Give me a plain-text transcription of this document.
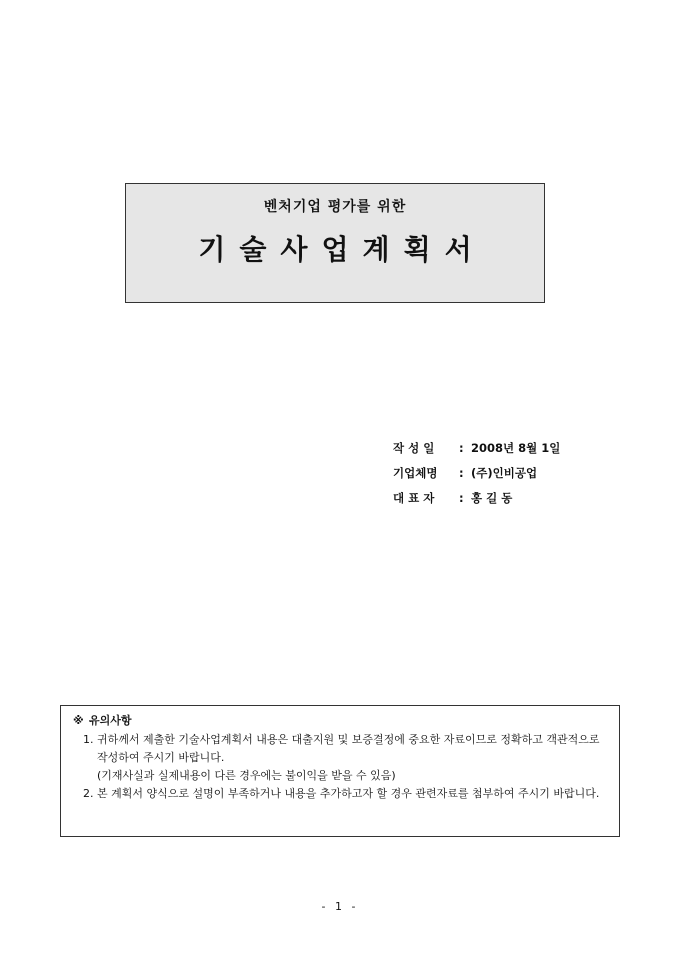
벤처기업 평가를 위한
기술사업계획서
작 성 일 : 2008년 8월 1일
기업체명 : (주)인비공업
대 표 자 : 홍 길 동
※ 유의사항
1. 귀하께서 제출한 기술사업계획서 내용은 대출지원 및 보증결정에 중요한 자료이므로 정확하고 객관적으로 작성하여 주시기 바랍니다.
(기재사실과 실제내용이 다른 경우에는 불이익을 받을 수 있음)
2. 본 계획서 양식으로 설명이 부족하거나 내용을 추가하고자 할 경우 관련자료를 첨부하여 주시기 바랍니다.
- 1 -
